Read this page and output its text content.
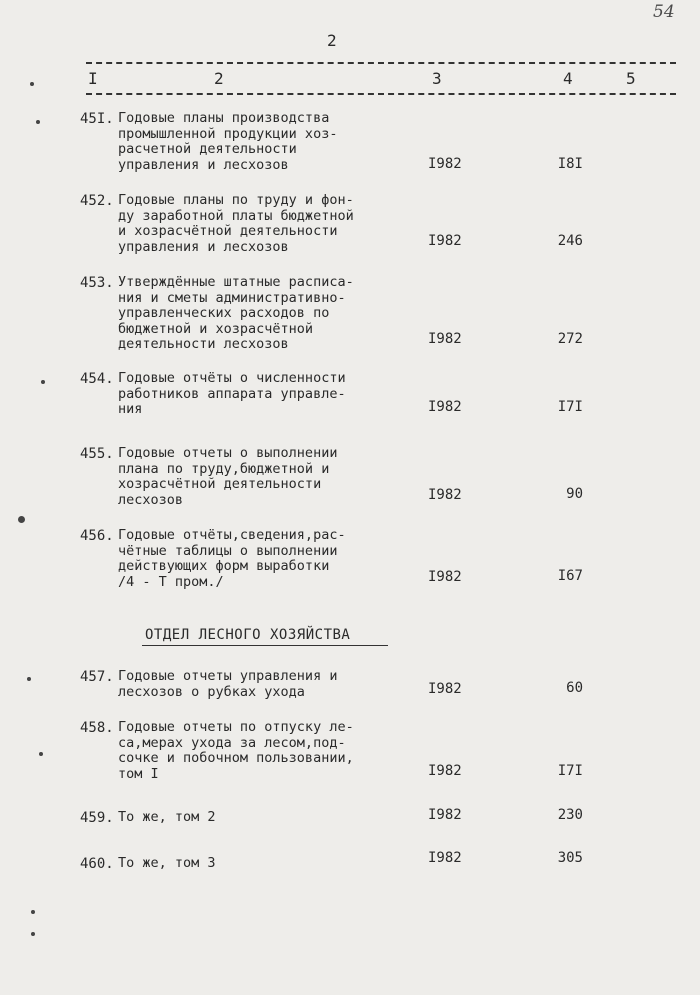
54
2
I	2	3	4	5
45I. Годовые планы производства
промышленной продукции хоз-
расчетной деятельности
управления и лесхозов	I982	I8I
452. Годовые планы по труду и фон-
ду заработной платы бюджетной
и хозрасчётной деятельности
управления и лесхозов	I982	246
453. Утверждённые штатные расписа-
ния и сметы административно-
управленческих расходов по
бюджетной и хозрасчётной
деятельности лесхозов	I982	272
454. Годовые отчёты о численности
работников аппарата управле-
ния	I982	I7I
455. Годовые отчеты о выполнении
плана по труду,бюджетной и
хозрасчётной деятельности
лесхозов	I982	90
456. Годовые отчёты,сведения,рас-
чётные таблицы о выполнении
действующих форм выработки
/4 - Т пром./	I982	I67
ОТДЕЛ ЛЕСНОГО ХОЗЯЙСТВА
457. Годовые отчеты управления и
лесхозов о рубках ухода	I982	60
458. Годовые отчеты по отпуску ле-
са,мерах ухода за лесом,под-
сочке и побочном пользовании,
том I	I982	I7I
459. То же, том 2	I982	230
460. То же, том 3	I982	305
